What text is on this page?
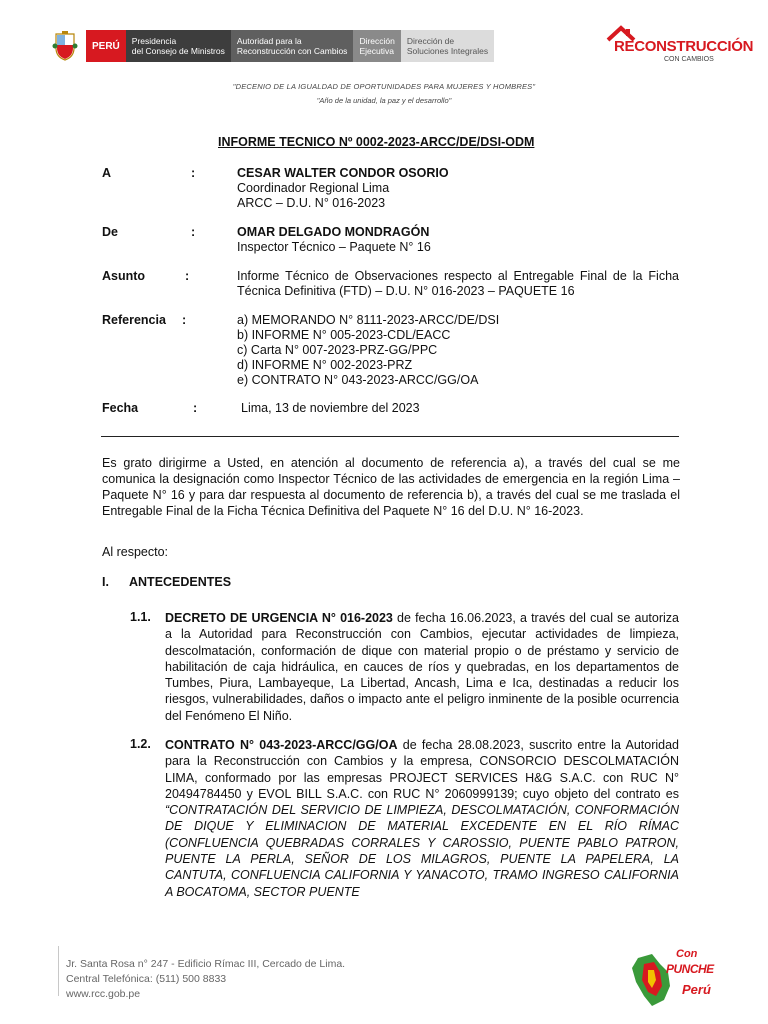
PERÚ	Presidencia
del Consejo de Ministros
Autoridad para la
Reconstrucción con Cambios
Dirección
Ejecutiva
Dirección de
Soluciones Integrales	RECONSTRUCCIÓN
CON CAMBIOS
"DECENIO DE LA IGUALDAD DE OPORTUNIDADES PARA MUJERES Y HOMBRES"
"Año de la unidad, la paz y el desarrollo"
INFORME TECNICO Nº 0002-2023-ARCC/DE/DSI-ODM
A	:	CESAR WALTER CONDOR OSORIO
Coordinador Regional Lima
ARCC – D.U. N° 016-2023
De	:	OMAR DELGADO MONDRAGÓN
Inspector Técnico – Paquete N° 16
Asunto	:	Informe Técnico de Observaciones respecto al Entregable Final de la Ficha Técnica Definitiva (FTD) – D.U. N° 016-2023 – PAQUETE 16
Referencia :	a) MEMORANDO N° 8111-2023-ARCC/DE/DSI
b) INFORME N° 005-2023-CDL/EACC
c) Carta N° 007-2023-PRZ-GG/PPC
d) INFORME N° 002-2023-PRZ
e) CONTRATO N° 043-2023-ARCC/GG/OA
Fecha	:	Lima, 13 de noviembre del 2023
Es grato dirigirme a Usted, en atención al documento de referencia a), a través del cual se me comunica la designación como Inspector Técnico de las actividades de emergencia en la región Lima – Paquete N° 16 y para dar respuesta al documento de referencia b), a través del cual se me traslada el Entregable Final de la Ficha Técnica Definitiva del Paquete N° 16 del D.U. N° 16-2023.
Al respecto:
I. ANTECEDENTES
1.1. DECRETO DE URGENCIA N° 016-2023 de fecha 16.06.2023, a través del cual se autoriza a la Autoridad para Reconstrucción con Cambios, ejecutar actividades de limpieza, descolmatación, conformación de dique con material propio o de préstamo y servicio de habilitación de caja hidráulica, en cauces de ríos y quebradas, en los departamentos de Tumbes, Piura, Lambayeque, La Libertad, Ancash, Lima e Ica, destinadas a reducir los riesgos, vulnerabilidades, daños o impacto ante el peligro inminente de la posible ocurrencia del Fenómeno El Niño.
1.2. CONTRATO N° 043-2023-ARCC/GG/OA de fecha 28.08.2023, suscrito entre la Autoridad para la Reconstrucción con Cambios y la empresa, CONSORCIO DESCOLMATACIÓN LIMA, conformado por las empresas PROJECT SERVICES H&G S.A.C. con RUC N° 20494784450 y EVOL BILL S.A.C. con RUC N° 2060999139; cuyo objeto del contrato es “CONTRATACIÓN DEL SERVICIO DE LIMPIEZA, DESCOLMATACIÓN, CONFORMACIÓN DE DIQUE Y ELIMINACION DE MATERIAL EXCEDENTE EN EL RÍO RÍMAC (CONFLUENCIA QUEBRADAS CORRALES Y CAROSSIO, PUENTE PABLO PATRON, PUENTE LA PERLA, SEÑOR DE LOS MILAGROS, PUENTE LA PAPELERA, LA CANTUTA, CONFLUENCIA CALIFORNIA Y YANACOTO, TRAMO INGRESO CALIFORNIA A BOCATOMA, SECTOR PUENTE
Jr. Santa Rosa n° 247 - Edificio Rímac III, Cercado de Lima.
Central Telefónica: (511) 500 8833
www.rcc.gob.pe
Con
PUNCHE
Perú
